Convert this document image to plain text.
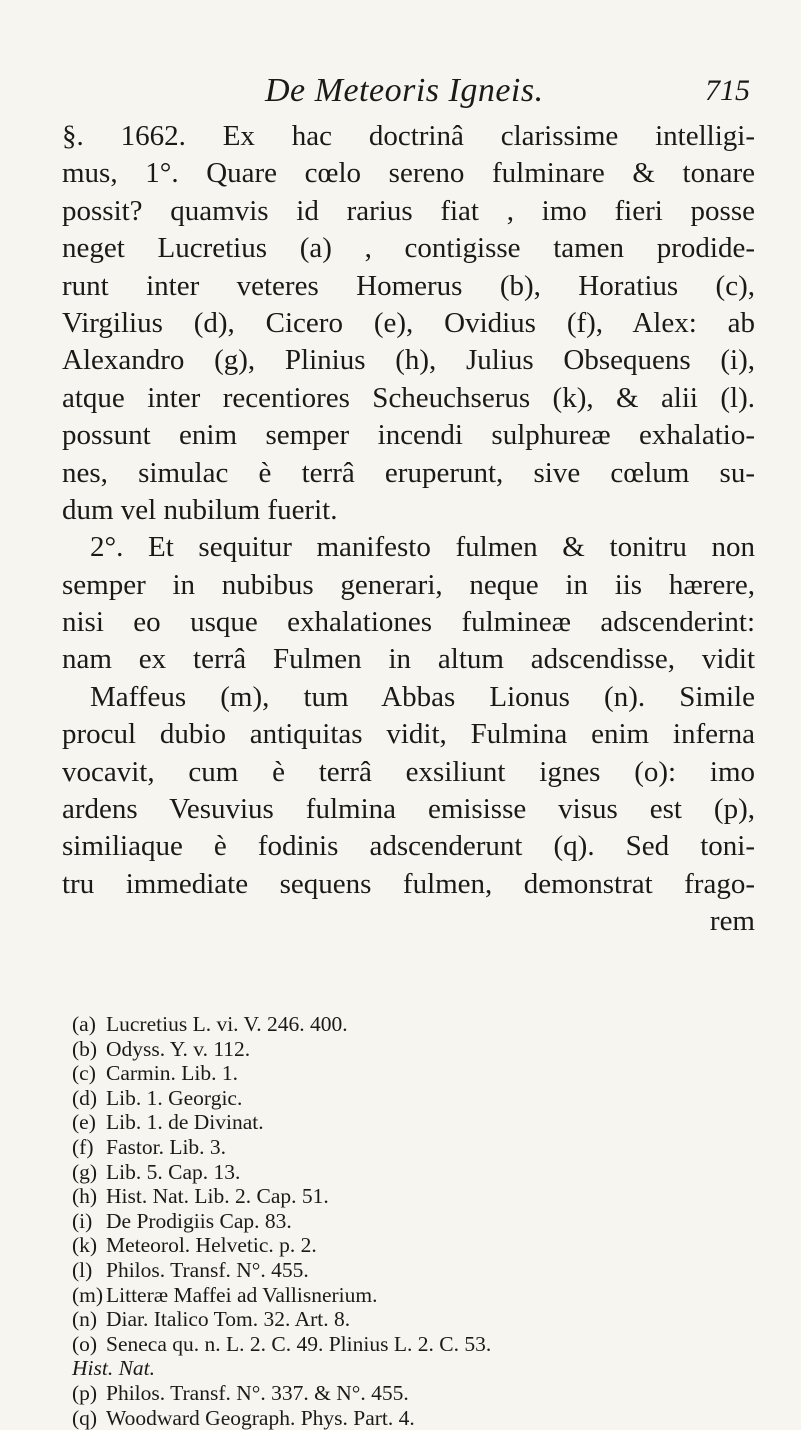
De Meteoris Igneis.	715
§. 1662. Ex hac doctrinâ clarissime intelligi-
mus, 1°. Quare cœlo sereno fulminare & tonare
possit? quamvis id rarius fiat , imo fieri posse
neget Lucretius (a) , contigisse tamen prodide-
runt inter veteres Homerus (b), Horatius (c),
Virgilius (d), Cicero (e), Ovidius (f), Alex: ab
Alexandro (g), Plinius (h), Julius Obsequens (i),
atque inter recentiores Scheuchserus (k), & alii (l).
possunt enim semper incendi sulphureæ exhalatio-
nes, simulac è terrâ eruperunt, sive cœlum su-
dum vel nubilum fuerit.
2°. Et sequitur manifesto fulmen & tonitru non
semper in nubibus generari, neque in iis hærere,
nisi eo usque exhalationes fulmineæ adscenderint:
nam ex terrâ Fulmen in altum adscendisse, vidit
Maffeus (m), tum Abbas Lionus (n). Simile
procul dubio antiquitas vidit, Fulmina enim inferna
vocavit, cum è terrâ exsiliunt ignes (o): imo
ardens Vesuvius fulmina emisisse visus est (p),
similiaque è fodinis adscenderunt (q). Sed toni-
tru immediate sequens fulmen, demonstrat frago-
rem
(a) Lucretius L. vi. V. 246. 400.
(b) Odyss. Y. v. 112.
(c) Carmin. Lib. 1.
(d) Lib. 1. Georgic.
(e) Lib. 1. de Divinat.
(f) Fastor. Lib. 3.
(g) Lib. 5. Cap. 13.
(h) Hist. Nat. Lib. 2. Cap. 51.
(i) De Prodigiis Cap. 83.
(k) Meteorol. Helvetic. p. 2.
(l) Philos. Transf. N°. 455.
(m) Litteræ Maffei ad Vallisnerium.
(n) Diar. Italico Tom. 32. Art. 8.
(o) Seneca qu. n. L. 2. C. 49. Plinius L. 2. C. 53.
Hist. Nat.
(p) Philos. Transf. N°. 337. & N°. 455.
(q) Woodward Geograph. Phys. Part. 4.
